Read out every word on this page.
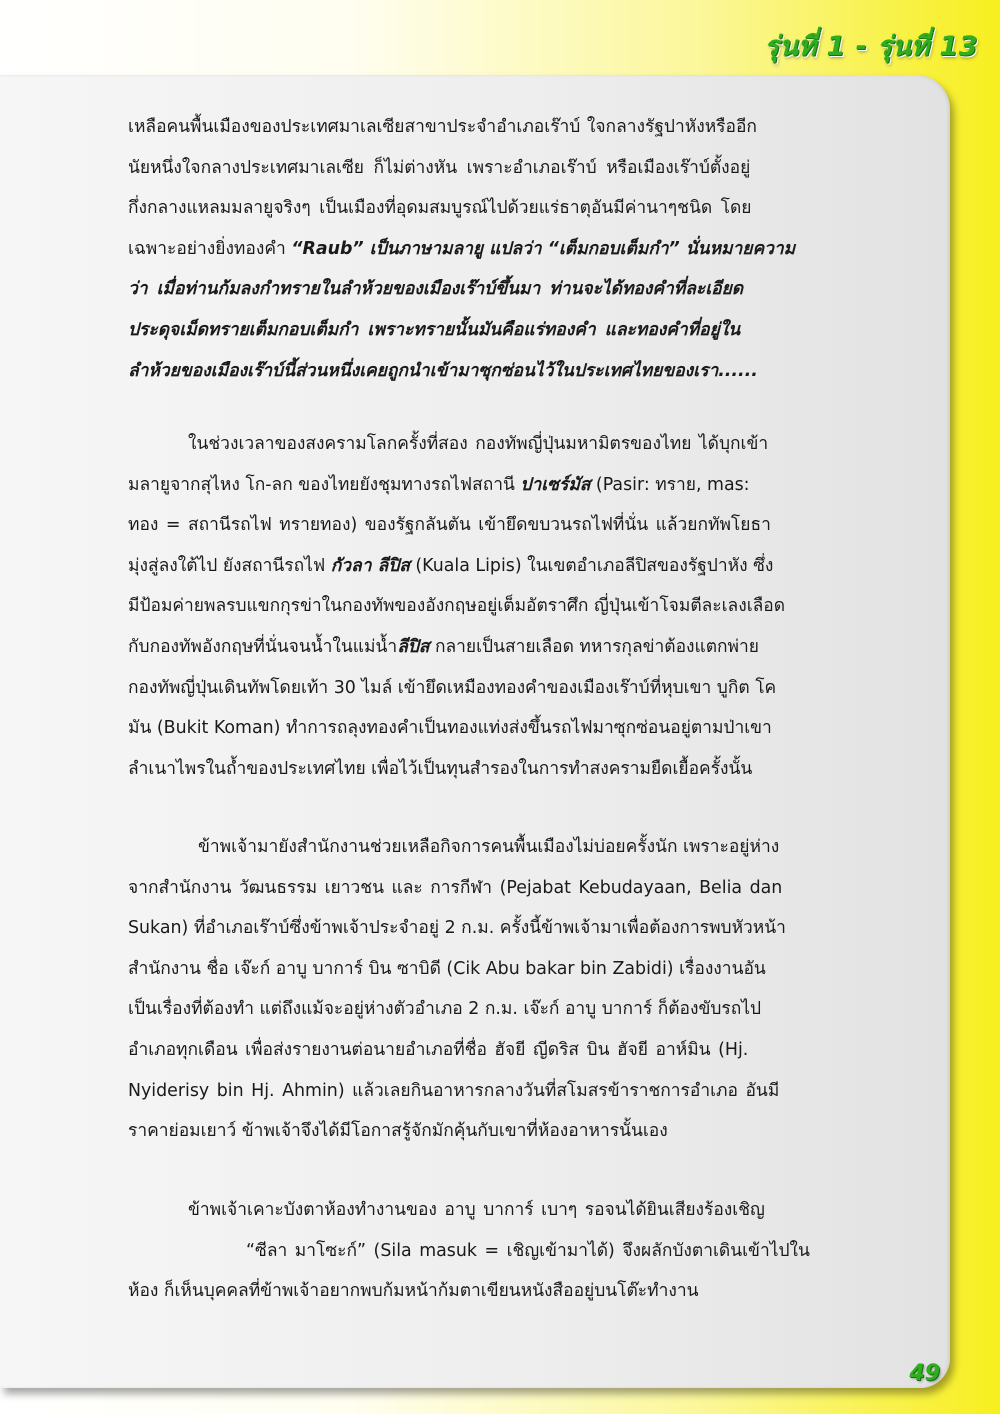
รุ่นที่ 1 - รุ่นที่ 13
เหลือคนพื้นเมืองของประเทศมาเลเซียสาขาประจำอำเภอเร๊าบ์ ใจกลางรัฐปาหังหรืออีก
นัยหนึ่งใจกลางประเทศมาเลเซีย ก็ไม่ต่างหัน เพราะอำเภอเร๊าบ์ หรือเมืองเร๊าบ์ตั้งอยู่
กึ่งกลางแหลมมลายูจริงๆ เป็นเมืองที่อุดมสมบูรณ์ไปด้วยแร่ธาตุอันมีค่านาๆชนิด โดย
เฉพาะอย่างยิ่งทองคำ “Raub” เป็นภาษามลายู แปลว่า “เต็มกอบเต็มกำ” นั่นหมายความ
ว่า เมื่อท่านก้มลงกำทรายในลำห้วยของเมืองเร๊าบ์ขึ้นมา ท่านจะได้ทองคำที่ละเอียด
ประดุจเม็ดทรายเต็มกอบเต็มกำ เพราะทรายนั้นมันคือแร่ทองคำ และทองคำที่อยู่ใน
ลำห้วยของเมืองเร๊าบ์นี้ส่วนหนึ่งเคยถูกนำเข้ามาซุกซ่อนไว้ในประเทศไทยของเรา......
ในช่วงเวลาของสงครามโลกครั้งที่สอง กองทัพญี่ปุ่นมหามิตรของไทย ได้บุกเข้า
มลายูจากสุไหง โก-ลก ของไทยยังชุมทางรถไฟสถานี ปาเซร์มัส (Pasir: ทราย, mas:
ทอง = สถานีรถไฟ ทรายทอง) ของรัฐกลันตัน เข้ายึดขบวนรถไฟที่นั่น แล้วยกทัพโยธา
มุ่งสู่ลงใต้ไป ยังสถานีรถไฟ กัวลา ลีปิส (Kuala Lipis) ในเขตอำเภอลีปิสของรัฐปาหัง ซึ่ง
มีป้อมค่ายพลรบแขกกุรข่าในกองทัพของอังกฤษอยู่เต็มอัตราศึก ญี่ปุ่นเข้าโจมตีละเลงเลือด
กับกองทัพอังกฤษที่นั่นจนน้ำในแม่น้ำลีปิส กลายเป็นสายเลือด ทหารกุลข่าต้องแตกพ่าย
กองทัพญี่ปุ่นเดินทัพโดยเท้า 30 ไมล์ เข้ายึดเหมืองทองคำของเมืองเร๊าบ์ที่หุบเขา บูกิต โค
มัน (Bukit Koman) ทำการถลุงทองคำเป็นทองแท่งส่งขึ้นรถไฟมาซุกซ่อนอยู่ตามป่าเขา
ลำเนาไพรในถ้ำของประเทศไทย เพื่อไว้เป็นทุนสำรองในการทำสงครามยืดเยื้อครั้งนั้น
ข้าพเจ้ามายังสำนักงานช่วยเหลือกิจการคนพื้นเมืองไม่บ่อยครั้งนัก เพราะอยู่ห่าง
จากสำนักงาน วัฒนธรรม เยาวชน และ การกีฬา (Pejabat Kebudayaan, Belia dan
Sukan) ที่อำเภอเร๊าบ์ซึ่งข้าพเจ้าประจำอยู่ 2 ก.ม. ครั้งนี้ข้าพเจ้ามาเพื่อต้องการพบหัวหน้า
สำนักงาน ชื่อ เจ๊ะก์ อาบู บาการ์ บิน ซาบิดี (Cik Abu bakar bin Zabidi) เรื่องงานอัน
เป็นเรื่องที่ต้องทำ แต่ถึงแม้จะอยู่ห่างตัวอำเภอ 2 ก.ม. เจ๊ะก์ อาบู บาการ์ ก็ต้องขับรถไป
อำเภอทุกเดือน เพื่อส่งรายงานต่อนายอำเภอที่ชื่อ ฮัจยี ญีดริส บิน ฮัจยี อาห์มิน (Hj.
Nyiderisy bin Hj. Ahmin) แล้วเลยกินอาหารกลางวันที่สโมสรข้าราชการอำเภอ อันมี
ราคาย่อมเยาว์ ข้าพเจ้าจึงได้มีโอกาสรู้จักมักคุ้นกับเขาที่ห้องอาหารนั้นเอง
ข้าพเจ้าเคาะบังตาห้องทำงานของ อาบู บาการ์ เบาๆ รอจนได้ยินเสียงร้องเชิญ
“ซีลา มาโซะก์” (Sila masuk = เชิญเข้ามาได้) จึงผลักบังตาเดินเข้าไปใน
ห้อง ก็เห็นบุคคลที่ข้าพเจ้าอยากพบก้มหน้าก้มตาเขียนหนังสืออยู่บนโต๊ะทำงาน
49
